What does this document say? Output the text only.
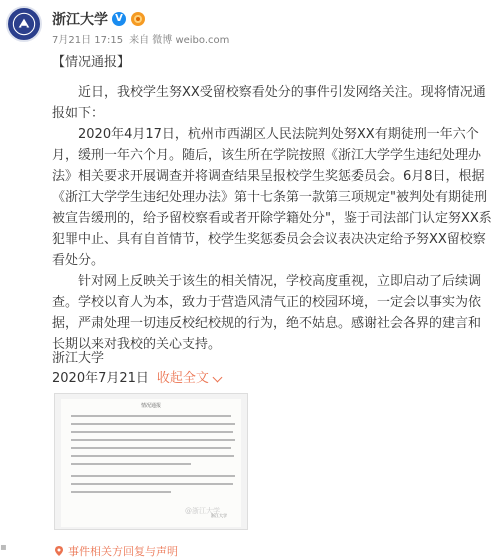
浙江大学 V
7月21日 17:15 来自 微博 weibo.com

【情况通报】

近日，我校学生努XX受留校察看处分的事件引发网络关注。现将情况通报如下：

2020年4月17日，杭州市西湖区人民法院判处努XX有期徒刑一年六个月，缓刑一年六个月。随后，该生所在学院按照《浙江大学学生违纪处理办法》相关要求开展调查并将调查结果呈报校学生奖惩委员会。6月8日，根据《浙江大学学生违纪处理办法》第十七条第一款第三项规定"被判处有期徒刑被宣告缓刑的，给予留校察看或者开除学籍处分"，鉴于司法部门认定努XX系犯罪中止、具有自首情节，校学生奖惩委员会会议表决决定给予努XX留校察看处分。

针对网上反映关于该生的相关情况，学校高度重视，立即启动了后续调查。学校以育人为本，致力于营造风清气正的校园环境，一定会以事实为依据，严肃处理一切违反校纪校规的行为，绝不姑息。感谢社会各界的建言和长期以来对我校的关心支持。

浙江大学
2020年7月21日 收起全文
情况通报
浙江大学
@浙江大学
▪	事件相关方回复与声明
